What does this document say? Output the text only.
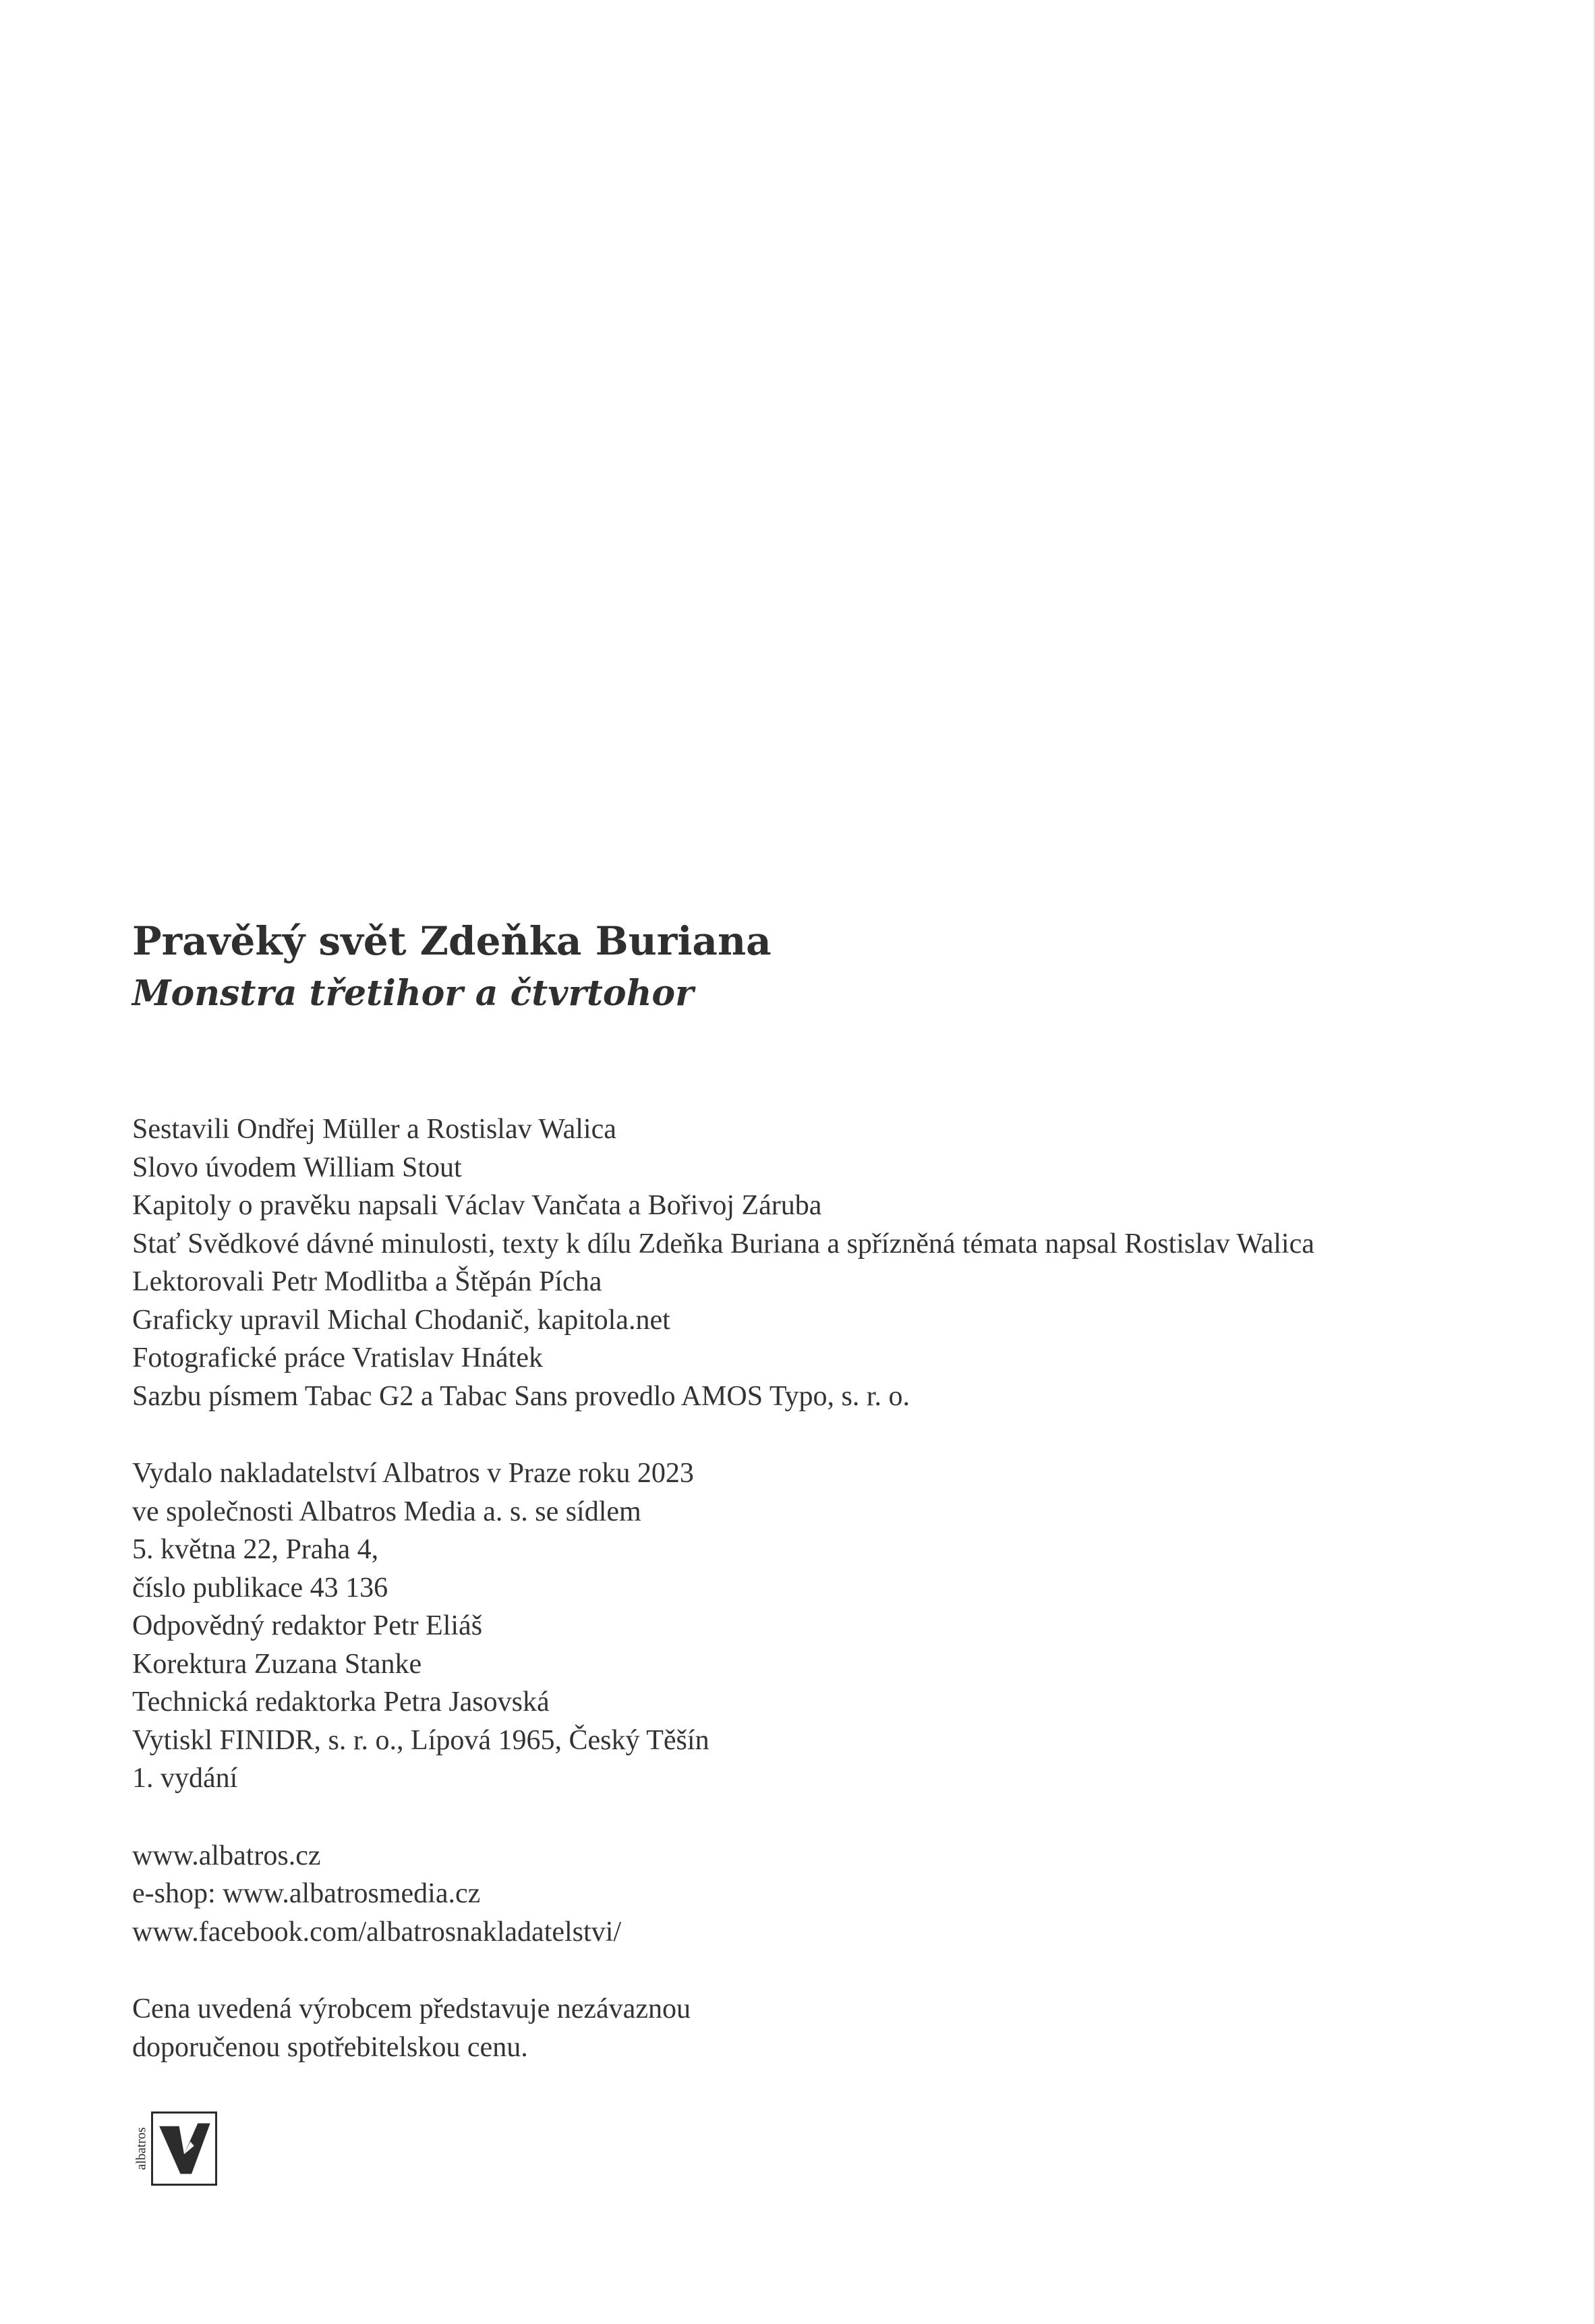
Pravěký svět Zdeňka Buriana
Monstra třetihor a čtvrtohor
Sestavili Ondřej Müller a Rostislav Walica
Slovo úvodem William Stout
Kapitoly o pravěku napsali Václav Vančata a Bořivoj Záruba
Stať Svědkové dávné minulosti, texty k dílu Zdeňka Buriana a spřízněná témata napsal Rostislav Walica
Lektorovali Petr Modlitba a Štěpán Pícha
Graficky upravil Michal Chodanič, kapitola.net
Fotografické práce Vratislav Hnátek
Sazbu písmem Tabac G2 a Tabac Sans provedlo AMOS Typo, s. r. o.
Vydalo nakladatelství Albatros v Praze roku 2023
ve společnosti Albatros Media a. s. se sídlem
5. května 22, Praha 4,
číslo publikace 43 136
Odpovědný redaktor Petr Eliáš
Korektura Zuzana Stanke
Technická redaktorka Petra Jasovská
Vytiskl FINIDR, s. r. o., Lípová 1965, Český Těšín
1. vydání
www.albatros.cz
e-shop: www.albatrosmedia.cz
www.facebook.com/albatrosnakladatelstvi/
Cena uvedená výrobcem představuje nezávaznou
doporučenou spotřebitelskou cenu.
albatros
